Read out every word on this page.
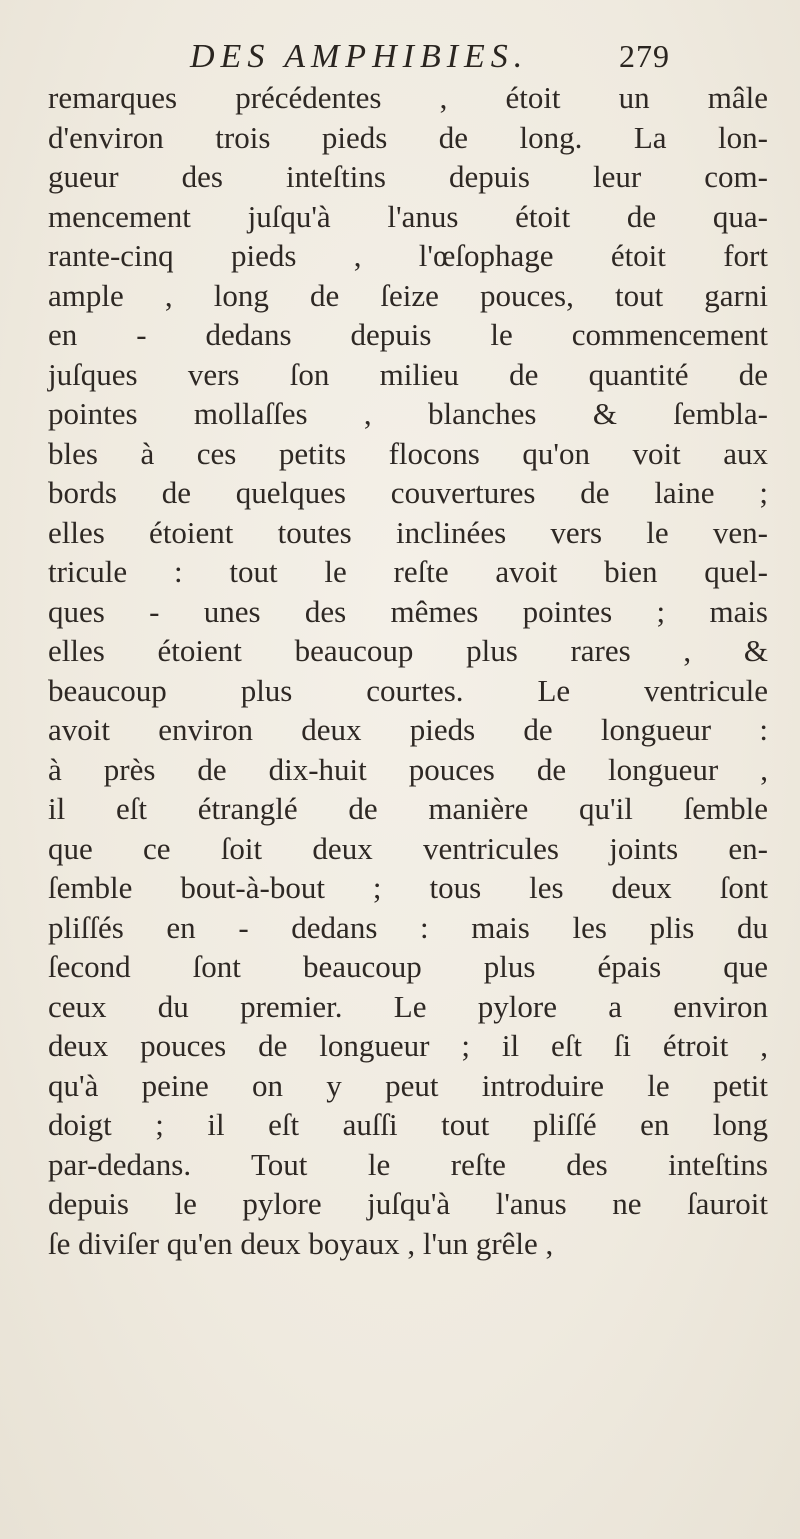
DES AMPHIBIES.	279
remarques précédentes , étoit un mâle
d'environ trois pieds de long. La lon-
gueur des inteſtins depuis leur com-
mencement juſqu'à l'anus étoit de qua-
rante-cinq pieds , l'œſophage étoit fort
ample , long de ſeize pouces, tout garni
en - dedans depuis le commencement
juſques vers ſon milieu de quantité de
pointes mollaſſes , blanches & ſembla-
bles à ces petits flocons qu'on voit aux
bords de quelques couvertures de laine ;
elles étoient toutes inclinées vers le ven-
tricule : tout le reſte avoit bien quel-
ques - unes des mêmes pointes ; mais
elles étoient beaucoup plus rares , &
beaucoup plus courtes. Le ventricule
avoit environ deux pieds de longueur :
à près de dix-huit pouces de longueur ,
il eſt étranglé de manière qu'il ſemble
que ce ſoit deux ventricules joints en-
ſemble bout-à-bout ; tous les deux ſont
pliſſés en - dedans : mais les plis du
ſecond ſont beaucoup plus épais que
ceux du premier. Le pylore a environ
deux pouces de longueur ; il eſt ſi étroit ,
qu'à peine on y peut introduire le petit
doigt ; il eſt auſſi tout pliſſé en long
par-dedans. Tout le reſte des inteſtins
depuis le pylore juſqu'à l'anus ne ſauroit
ſe diviſer qu'en deux boyaux , l'un grêle ,
